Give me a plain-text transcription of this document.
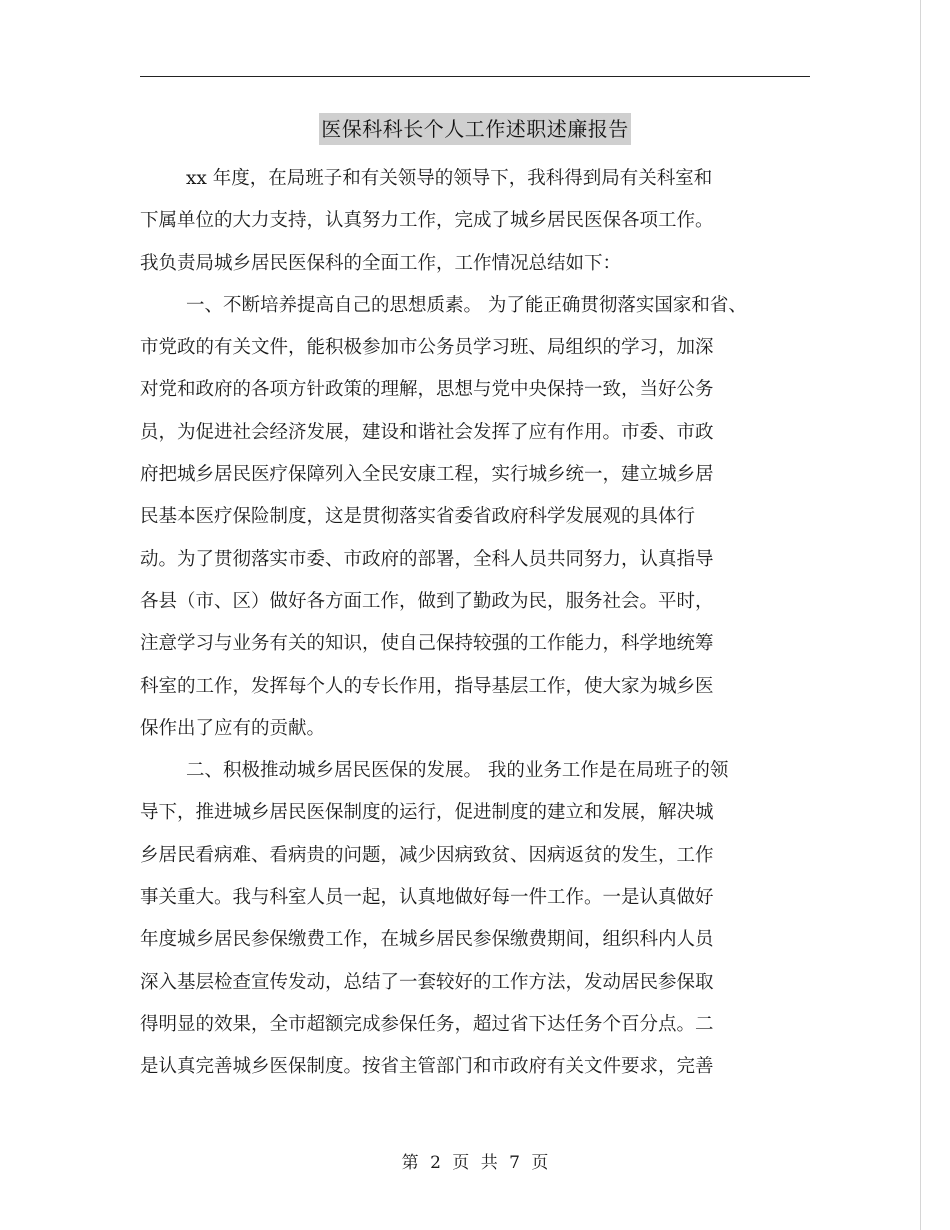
医保科科长个人工作述职述廉报告
xx 年度，在局班子和有关领导的领导下，我科得到局有关科室和
下属单位的大力支持，认真努力工作，完成了城乡居民医保各项工作。
我负责局城乡居民医保科的全面工作，工作情况总结如下：
一、不断培养提高自己的思想质素。 为了能正确贯彻落实国家和省、
市党政的有关文件，能积极参加市公务员学习班、局组织的学习，加深
对党和政府的各项方针政策的理解，思想与党中央保持一致，当好公务
员，为促进社会经济发展，建设和谐社会发挥了应有作用。市委、市政
府把城乡居民医疗保障列入全民安康工程，实行城乡统一，建立城乡居
民基本医疗保险制度，这是贯彻落实省委省政府科学发展观的具体行
动。为了贯彻落实市委、市政府的部署，全科人员共同努力，认真指导
各县（市、区）做好各方面工作，做到了勤政为民，服务社会。平时，
注意学习与业务有关的知识，使自己保持较强的工作能力，科学地统筹
科室的工作，发挥每个人的专长作用，指导基层工作，使大家为城乡医
保作出了应有的贡献。
二、积极推动城乡居民医保的发展。 我的业务工作是在局班子的领
导下，推进城乡居民医保制度的运行，促进制度的建立和发展，解决城
乡居民看病难、看病贵的问题，减少因病致贫、因病返贫的发生，工作
事关重大。我与科室人员一起，认真地做好每一件工作。一是认真做好
年度城乡居民参保缴费工作，在城乡居民参保缴费期间，组织科内人员
深入基层检查宣传发动，总结了一套较好的工作方法，发动居民参保取
得明显的效果，全市超额完成参保任务，超过省下达任务个百分点。二
是认真完善城乡医保制度。按省主管部门和市政府有关文件要求，完善
第 2 页 共 7 页
